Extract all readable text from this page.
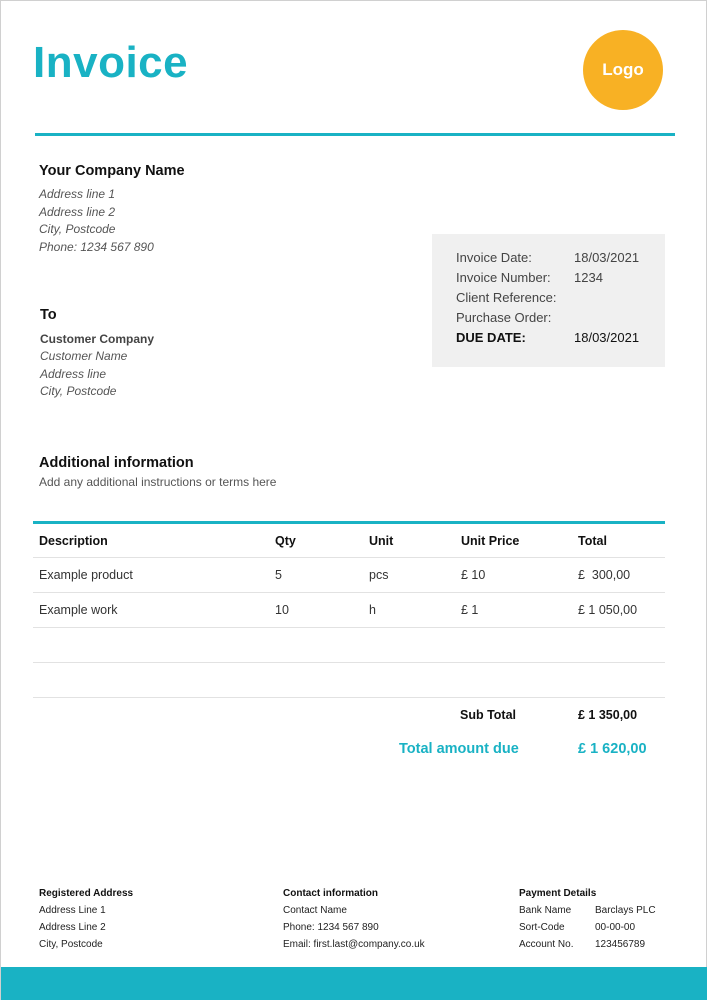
Invoice	Logo
Your Company Name
Address line 1
Address line 2
City, Postcode
Phone: 1234 567 890
Invoice Date:	18/03/2021
Invoice Number:	1234
Client Reference:
Purchase Order:
DUE DATE:	18/03/2021
To
Customer Company
Customer Name
Address line
City, Postcode
Additional information
Add any additional instructions or terms here
Description	Qty	Unit	Unit Price	Total
Example product	5	pcs	£ 10	£  300,00
Example work	10	h	£ 1	£ 1 050,00
Sub Total	£ 1 350,00
Total amount due	£ 1 620,00
Registered Address
Address Line 1
Address Line 2
City, Postcode
Contact information
Contact Name
Phone: 1234 567 890
Email: first.last@company.co.uk
Payment Details
Bank Name	Barclays PLC
Sort-Code	00-00-00
Account No.	123456789
